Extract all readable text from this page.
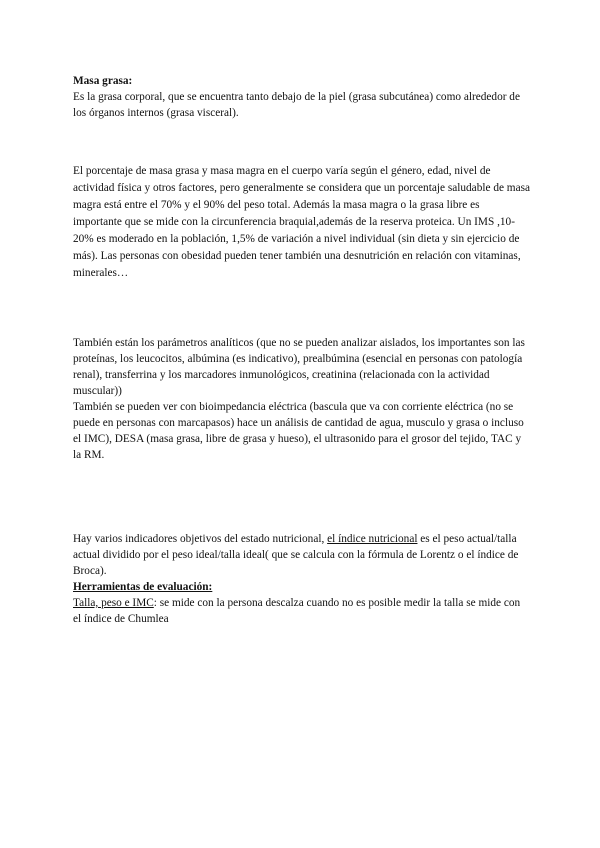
Masa grasa:

Es la grasa corporal, que se encuentra tanto debajo de la piel (grasa subcutánea) como alrededor de los órganos internos (grasa visceral).

El porcentaje de masa grasa y masa magra en el cuerpo varía según el género, edad, nivel de actividad física y otros factores, pero generalmente se considera que un porcentaje saludable de masa magra está entre el 70% y el 90% del peso total. Además la masa magra o la grasa libre es importante que se mide con la circunferencia braquial,además de la reserva proteica. Un IMS ,10-20% es moderado en la población, 1,5% de variación a nivel individual (sin dieta y sin ejercicio de más). Las personas con obesidad pueden tener también una desnutrición en relación con vitaminas, minerales…

También están los parámetros analíticos (que no se pueden analizar aislados, los importantes son las proteínas, los leucocitos, albúmina (es indicativo), prealbúmina (esencial en personas con patología renal), transferrina y los marcadores inmunológicos, creatinina (relacionada con la actividad muscular))

También se pueden ver con bioimpedancia eléctrica (bascula que va con corriente eléctrica (no se puede en personas con marcapasos) hace un análisis de cantidad de agua, musculo y grasa o incluso el IMC), DESA (masa grasa, libre de grasa y hueso), el ultrasonido para el grosor del tejido, TAC y la RM.

Hay varios indicadores objetivos del estado nutricional, el índice nutricional es el peso actual/talla actual dividido por el peso ideal/talla ideal( que se calcula con la fórmula de Lorentz o el índice de Broca).

Herramientas de evaluación:

Talla, peso e IMC: se mide con la persona descalza cuando no es posible medir la talla se mide con el índice de Chumlea
